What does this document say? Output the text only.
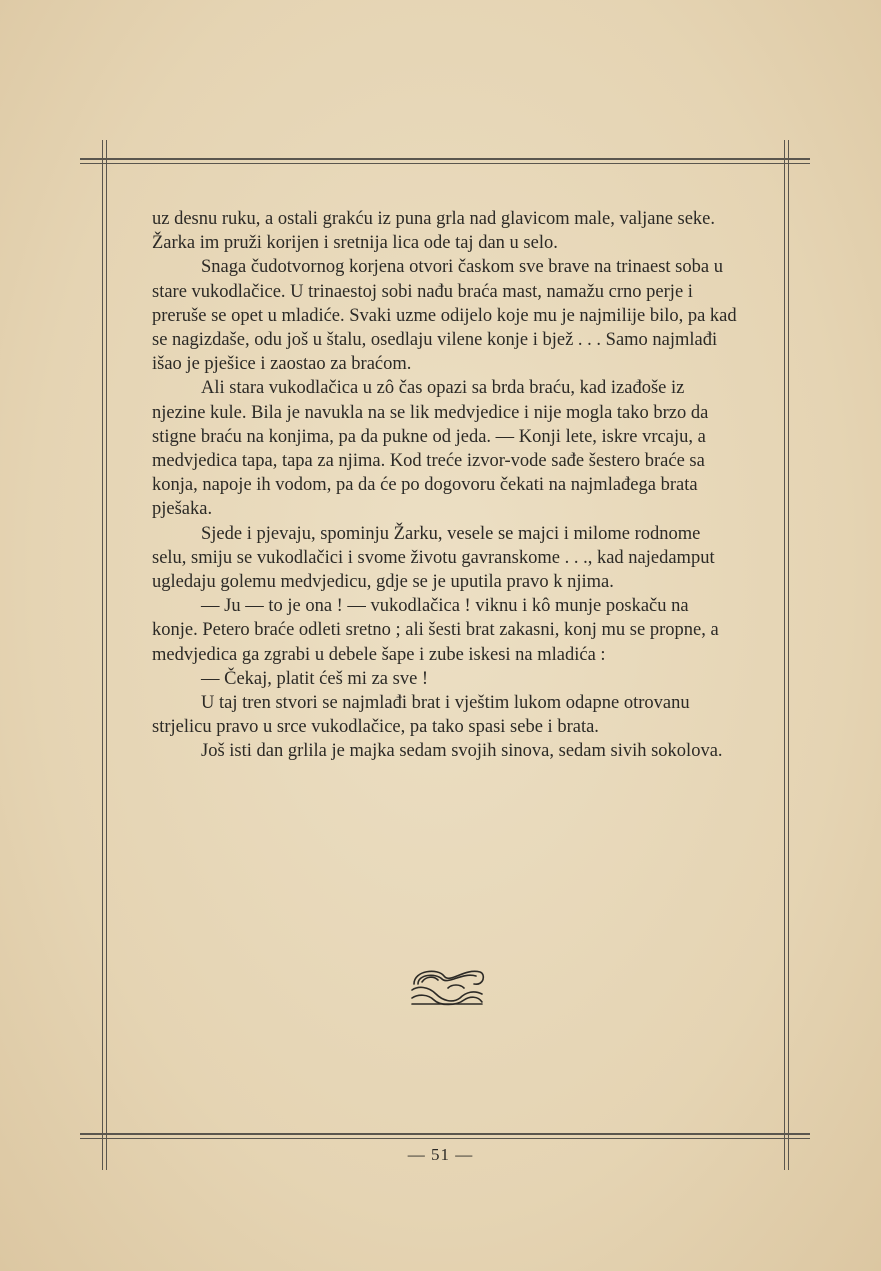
uz desnu ruku, a ostali grakću iz puna grla nad glavicom male, valjane seke. Žarka im pruži korijen i sretnija lica ode taj dan u selo.

Snaga čudotvornog korjena otvori časkom sve brave na trinaest soba u stare vukodlačice. U trinaestoj sobi nađu braća mast, namažu crno perje i preruše se opet u mladiće. Svaki uzme odijelo koje mu je najmilije bilo, pa kad se nagizdaše, odu još u štalu, osedlaju vilene konje i bjež . . . Samo najmlađi išao je pješice i zaostao za braćom.

Ali stara vukodlačica u zô čas opazi sa brda braću, kad izađoše iz njezine kule. Bila je navukla na se lik medvjedice i nije mogla tako brzo da stigne braću na konjima, pa da pukne od jeda. — Konji lete, iskre vrcaju, a medvjedica tapa, tapa za njima. Kod treće izvor-vode sađe šestero braće sa konja, napoje ih vodom, pa da će po dogovoru čekati na najmlađega brata pješaka.

Sjede i pjevaju, spominju Žarku, vesele se majci i milome rodnome selu, smiju se vukodlačici i svome životu gavranskome . . ., kad najedamput ugledaju golemu medvjedicu, gdje se je uputila pravo k njima.

— Ju — to je ona ! — vukodlačica ! viknu i kô munje poskaču na konje. Petero braće odleti sretno ; ali šesti brat zakasni, konj mu se propne, a medvjedica ga zgrabi u debele šape i zube iskesi na mladića :

— Čekaj, platit ćeš mi za sve !

U taj tren stvori se najmlađi brat i vještim lukom odapne otrovanu strjelicu pravo u srce vukodlačice, pa tako spasi sebe i brata.

Još isti dan grlila je majka sedam svojih sinova, sedam sivih sokolova.

— 51 —
